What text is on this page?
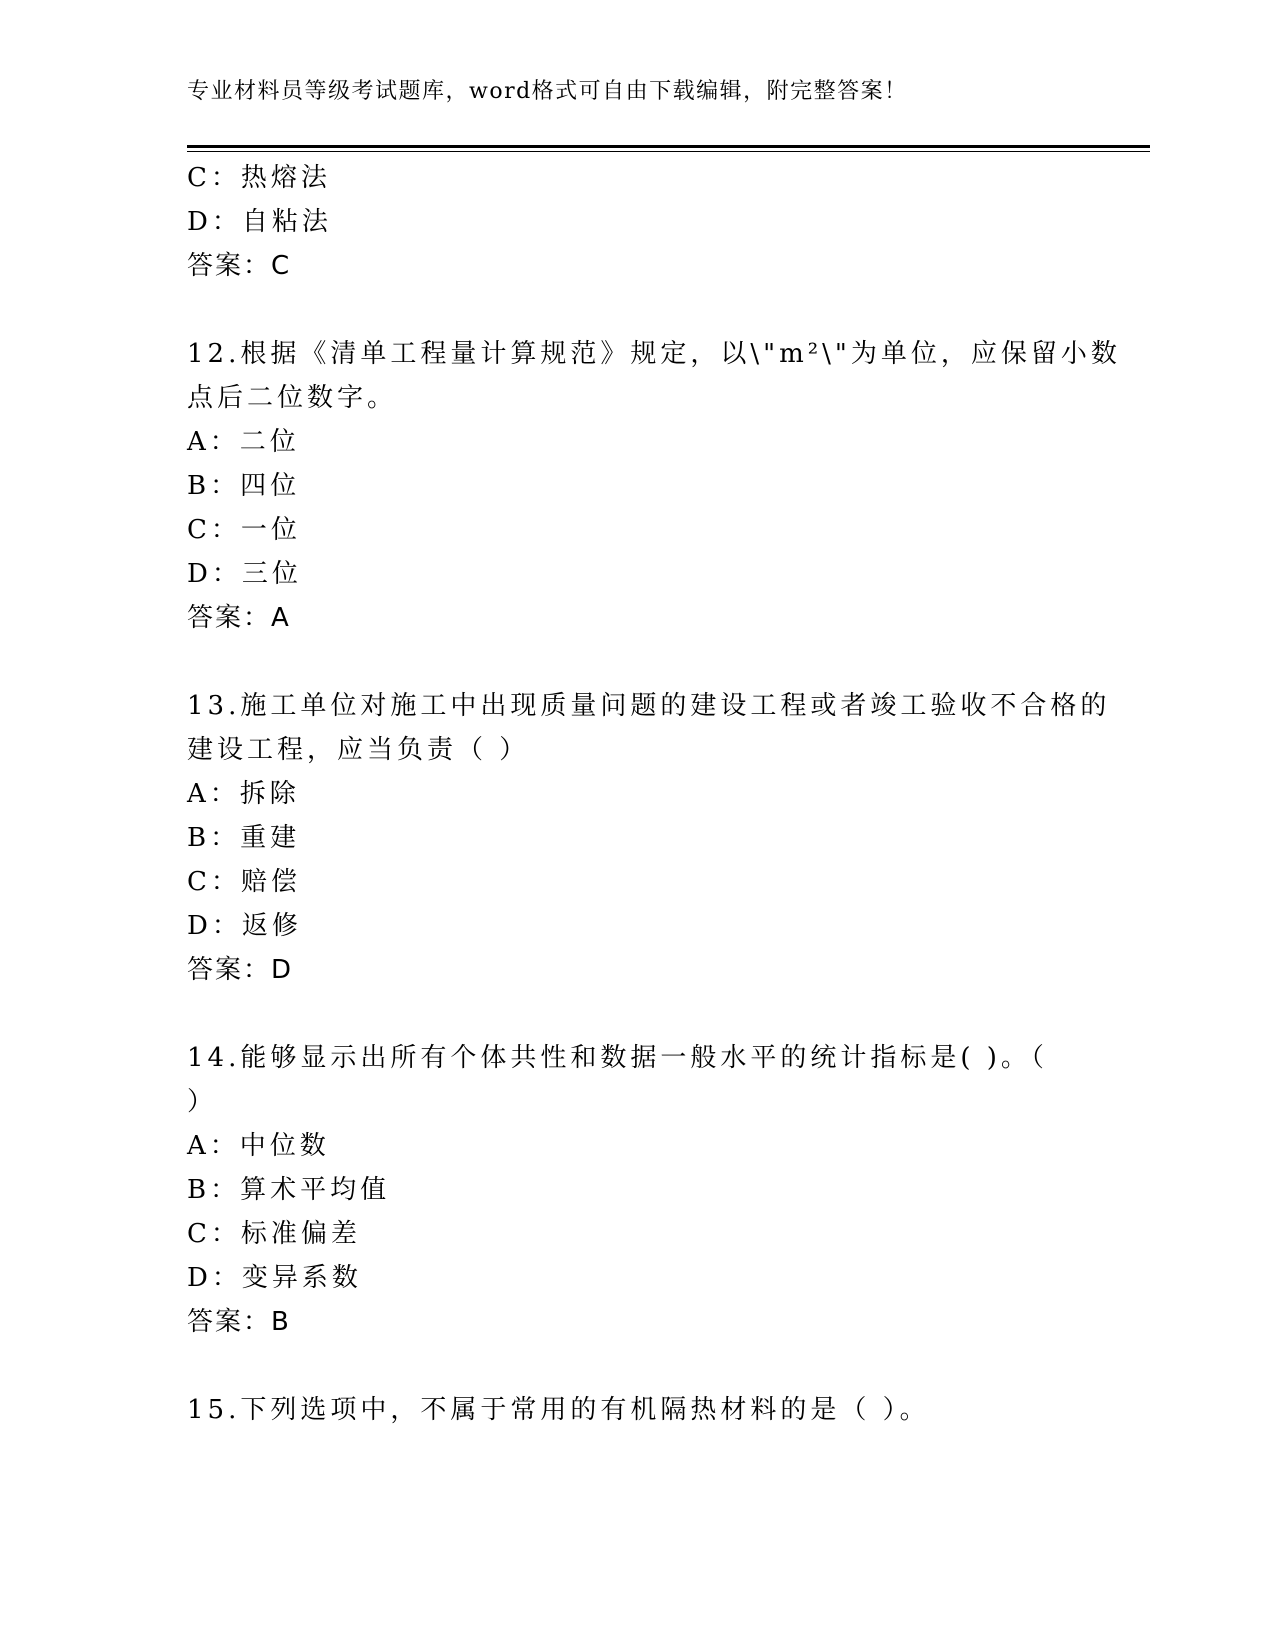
专业材料员等级考试题库，word格式可自由下载编辑，附完整答案！
C：热熔法
D：自粘法
答案：C
12.根据《清单工程量计算规范》规定，以\"m²\"为单位，应保留小数
点后二位数字。
A：二位
B：四位
C：一位
D：三位
答案：A
13.施工单位对施工中出现质量问题的建设工程或者竣工验收不合格的
建设工程，应当负责（ ）
A：拆除
B：重建
C：赔偿
D：返修
答案：D
14.能够显示出所有个体共性和数据一般水平的统计指标是( )。（
）
A：中位数
B：算术平均值
C：标准偏差
D：变异系数
答案：B
15.下列选项中，不属于常用的有机隔热材料的是（ ）。
